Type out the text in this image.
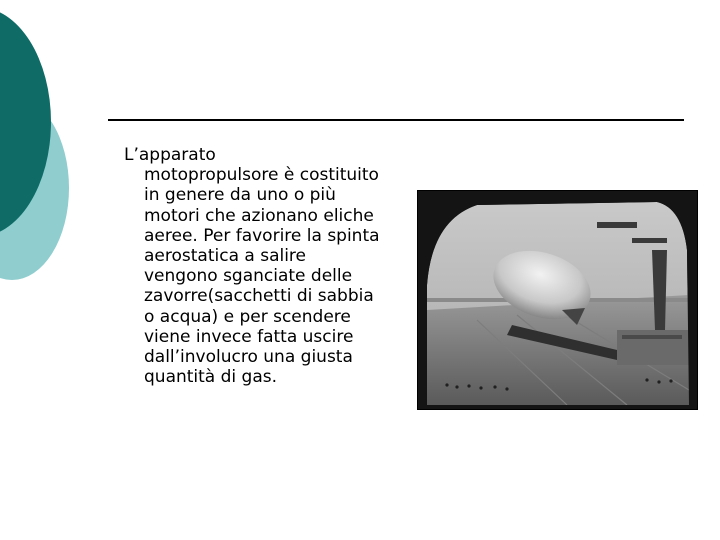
L’apparato
motopropulsore è costituito in genere da uno o più motori che azionano eliche aeree. Per favorire la spinta aerostatica a salire vengono sganciate delle zavorre(sacchetti di sabbia o acqua) e per scendere viene invece fatta uscire dall’involucro una giusta quantità di gas.
